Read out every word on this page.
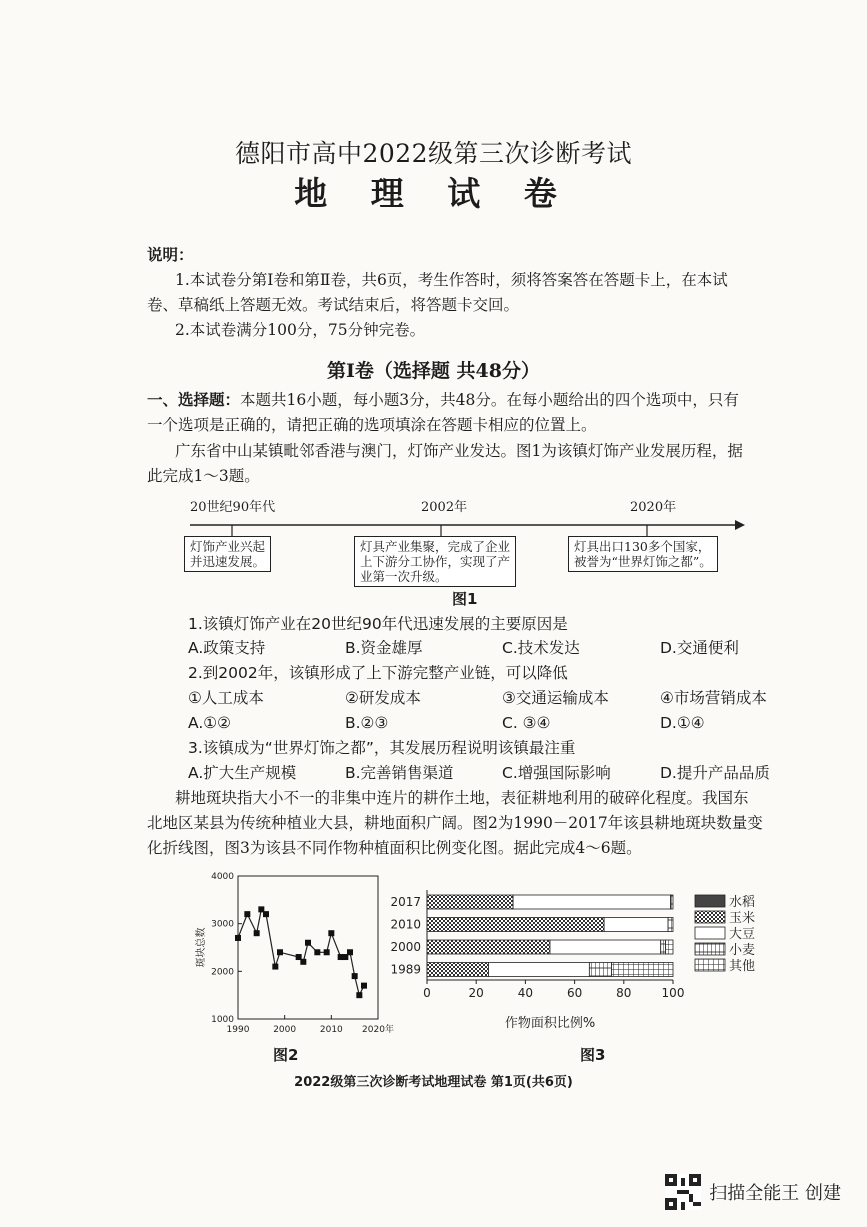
德阳市高中2022级第三次诊断考试
地 理 试 卷
说明：
1.本试卷分第Ⅰ卷和第Ⅱ卷，共6页，考生作答时，须将答案答在答题卡上，在本试
卷、草稿纸上答题无效。考试结束后，将答题卡交回。
2.本试卷满分100分，75分钟完卷。
第Ⅰ卷（选择题 共48分）
一、选择题：本题共16小题，每小题3分，共48分。在每小题给出的四个选项中，只有
一个选项是正确的，请把正确的选项填涂在答题卡相应的位置上。
广东省中山某镇毗邻香港与澳门，灯饰产业发达。图1为该镇灯饰产业发展历程，据
此完成1～3题。
20世纪90年代	2002年	2020年
灯饰产业兴起
并迅速发展。
灯具产业集聚，完成了企业
上下游分工协作，实现了产
业第一次升级。
灯具出口130多个国家，
被誉为“世界灯饰之都”。
图1
1.该镇灯饰产业在20世纪90年代迅速发展的主要原因是
A.政策支持	B.资金雄厚	C.技术发达	D.交通便利
2.到2002年，该镇形成了上下游完整产业链，可以降低
①人工成本	②研发成本	③交通运输成本	④市场营销成本
A.①②	B.②③	C. ③④	D.①④
3.该镇成为“世界灯饰之都”，其发展历程说明该镇最注重
A.扩大生产规模	B.完善销售渠道	C.增强国际影响	D.提升产品品质
耕地斑块指大小不一的非集中连片的耕作土地，表征耕地利用的破碎化程度。我国东
北地区某县为传统种植业大县，耕地面积广阔。图2为1990－2017年该县耕地斑块数量变
化折线图，图3为该县不同作物种植面积比例变化图。据此完成4～6题。
1000
2000
3000
4000
1990	2000	2010 2020年
斑块总数
图2
2017
2010
2000
1989
0	20	40	60	80	100
作物面积比例%
水稻
玉米
大豆
小麦
其他
图3
2022级第三次诊断考试地理试卷 第1页(共6页)
扫描全能王 创建
